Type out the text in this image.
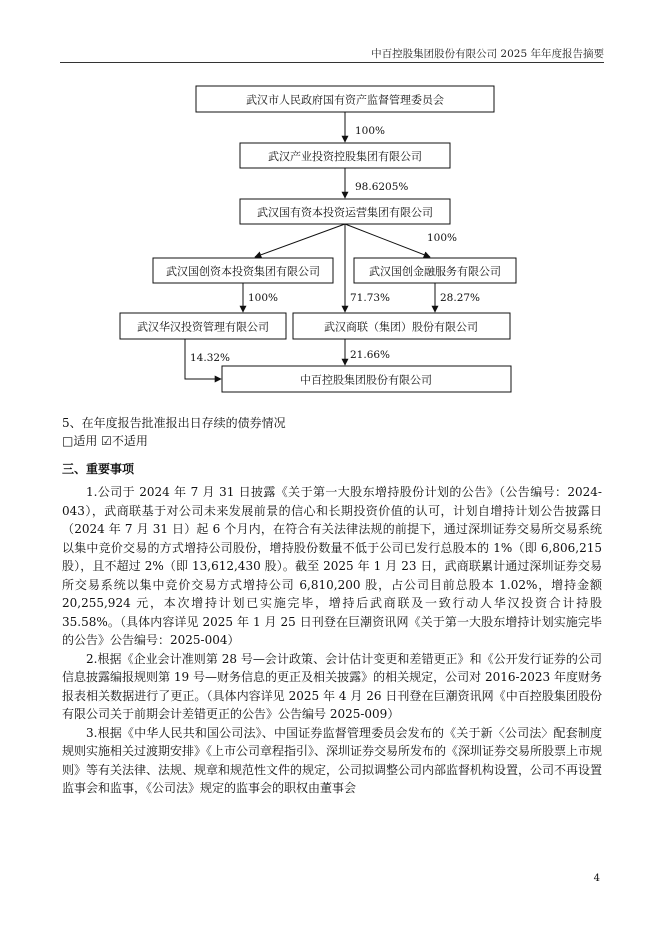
中百控股集团股份有限公司 2025 年年度报告摘要
武汉市人民政府国有资产监督管理委员会
武汉产业投资控股集团有限公司
武汉国有资本投资运营集团有限公司
武汉国创资本投资集团有限公司	武汉国创金融服务有限公司
武汉华汉投资管理有限公司	武汉商联（集团）股份有限公司
中百控股集团股份有限公司
100%
98.6205%
100%
100%	71.73%	28.27%
14.32%	21.66%
5、在年度报告批准报出日存续的债券情况
□适用 ☑不适用
三、重要事项

1.公司于 2024 年 7 月 31 日披露《关于第一大股东增持股份计划的公告》（公告编号：2024-043），武商联基于对公司未来发展前景的信心和长期投资价值的认可，计划自增持计划公告披露日（2024 年 7 月 31 日）起 6 个月内，在符合有关法律法规的前提下，通过深圳证券交易所交易系统以集中竞价交易的方式增持公司股份，增持股份数量不低于公司已发行总股本的 1%（即 6,806,215 股），且不超过 2%（即 13,612,430 股）。截至 2025 年 1 月 23 日，武商联累计通过深圳证券交易所交易系统以集中竞价交易方式增持公司 6,810,200 股，占公司目前总股本 1.02%，增持金额 20,255,924 元，本次增持计划已实施完毕，增持后武商联及一致行动人华汉投资合计持股 35.58%。（具体内容详见 2025 年 1 月 25 日刊登在巨潮资讯网《关于第一大股东增持计划实施完毕的公告》公告编号：2025-004）

2.根据《企业会计准则第 28 号—会计政策、会计估计变更和差错更正》和《公开发行证券的公司信息披露编报规则第 19 号—财务信息的更正及相关披露》的相关规定，公司对 2016-2023 年度财务报表相关数据进行了更正。（具体内容详见 2025 年 4 月 26 日刊登在巨潮资讯网《中百控股集团股份有限公司关于前期会计差错更正的公告》公告编号 2025-009）

3.根据《中华人民共和国公司法》、中国证券监督管理委员会发布的《关于新〈公司法〉配套制度规则实施相关过渡期安排》《上市公司章程指引》、深圳证券交易所发布的《深圳证券交易所股票上市规则》等有关法律、法规、规章和规范性文件的规定，公司拟调整公司内部监督机构设置，公司不再设置监事会和监事，《公司法》规定的监事会的职权由董事会

4
